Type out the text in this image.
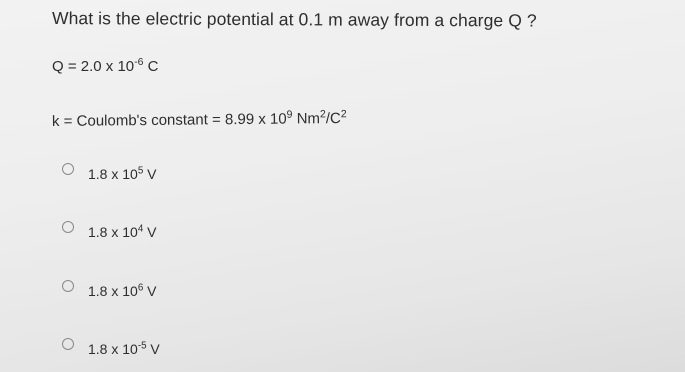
What is the electric potential at 0.1 m away from a charge Q ?
Q = 2.0 x $10^{-6}$ C
k = Coulomb's constant = 8.99 x $10^9$ $Nm^2/C^2$
1.8 x $10^5$ V
1.8 x $10^4$ V
1.8 x $10^6$ V
1.8 x $10^{-5}$ V
